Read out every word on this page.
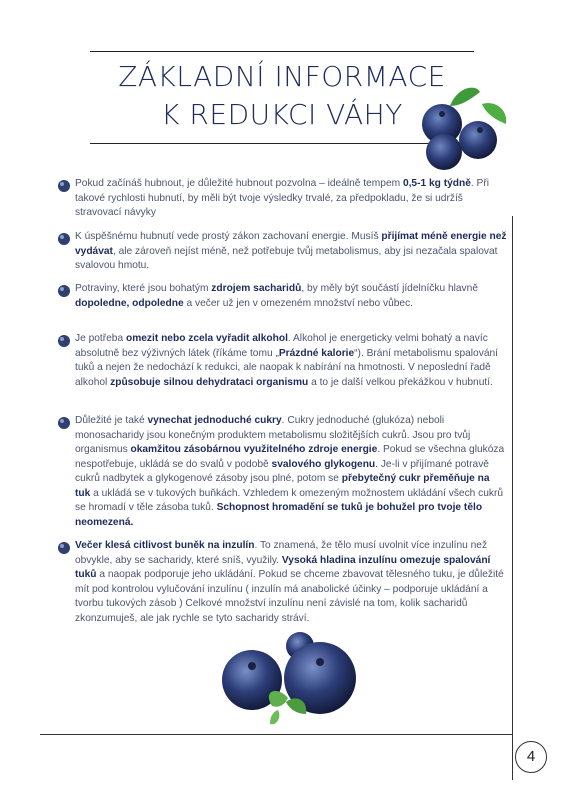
ZÁKLADNÍ INFORMACE
K REDUKCI VÁHY
Pokud začínáš hubnout, je důležité hubnout pozvolna – ideálně tempem 0,5-1 kg týdně. Při takové rychlosti hubnutí, by měli být tvoje výsledky trvalé, za předpokladu, že si udržíš stravovací návyky
K úspěšnému hubnutí vede prostý zákon zachovaní energie. Musíš přijímat méně energie než vydávat, ale zároveň nejíst méně, než potřebuje tvůj metabolismus, aby jsi nezačala spalovat svalovou hmotu.
Potraviny, které jsou bohatým zdrojem sacharidů, by měly být součástí jídelníčku hlavně dopoledne, odpoledne a večer už jen v omezeném množství nebo vůbec.
Je potřeba omezit nebo zcela vyřadit alkohol. Alkohol je energeticky velmi bohatý a navíc absolutně bez výživných látek (říkáme tomu „Prázdné kalorie“). Brání metabolismu spalování tuků a nejen že nedochází k redukci, ale naopak k nabírání na hmotnosti. V neposlední řadě alkohol způsobuje silnou dehydrataci organismu a to je další velkou překážkou v hubnutí.
Důležité je také vynechat jednoduché cukry. Cukry jednoduché (glukóza) neboli monosacharidy jsou konečným produktem metabolismu složitějších cukrů. Jsou pro tvůj organismus okamžitou zásobárnou využitelného zdroje energie. Pokud se všechna glukóza nespotřebuje, ukládá se do svalů v podobě svalového glykogenu. Je-li v přijímané potravě cukrů nadbytek a glykogenové zásoby jsou plné, potom se přebytečný cukr přeměňuje na tuk a ukládá se v tukových buňkách. Vzhledem k omezeným možnostem ukládání všech cukrů se hromadí v těle zásoba tuků. Schopnost hromadění se tuků je bohužel pro tvoje tělo neomezená.
Večer klesá citlivost buněk na inzulín. To znamená, že tělo musí uvolnit více inzulínu než obvykle, aby se sacharidy, které sníš, využily. Vysoká hladina inzulínu omezuje spalování tuků a naopak podporuje jeho ukládání. Pokud se chceme zbavovat tělesného tuku, je důležité mít pod kontrolou vylučování inzulínu ( inzulín má anabolické účinky – podporuje ukládání a tvorbu tukových zásob ) Celkové množství inzulínu není závislé na tom, kolik sacharidů zkonzumuješ, ale jak rychle se tyto sacharidy stráví.
4
